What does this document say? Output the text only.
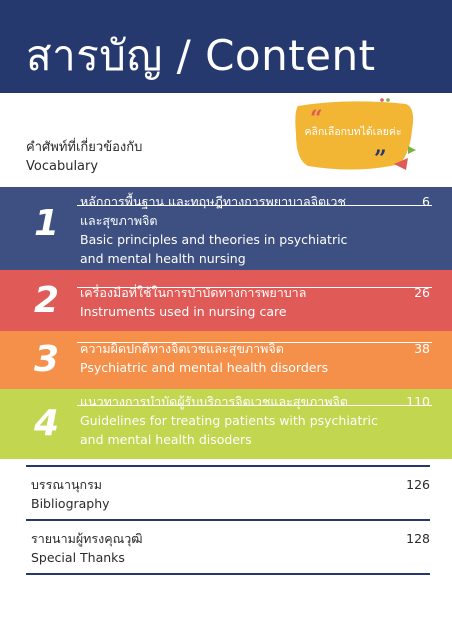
สารบัญ / Content
คำศัพท์ที่เกี่ยวข้องกับ
Vocabulary
“
”
คลิกเลือกบทได้เลยค่ะ
1
หลักการพื้นฐาน และทฤษฎีทางการพยาบาลจิตเวช
และสุขภาพจิต
Basic principles and theories in psychiatric
and mental health nursing
6
2 เครื่องมือที่ใช้ในการบำบัดทางการพยาบาล
Instruments used in nursing care
26
3 ความผิดปกติทางจิตเวชและสุขภาพจิต
Psychiatric and mental health disorders
38
4
แนวทางการบำบัดผู้รับบริการจิตเวชและสุขภาพจิต
Guidelines for treating patients with psychiatric
and mental health disoders
110
บรรณานุกรม
Bibliography
126
รายนามผู้ทรงคุณวุฒิ
Special Thanks
128
